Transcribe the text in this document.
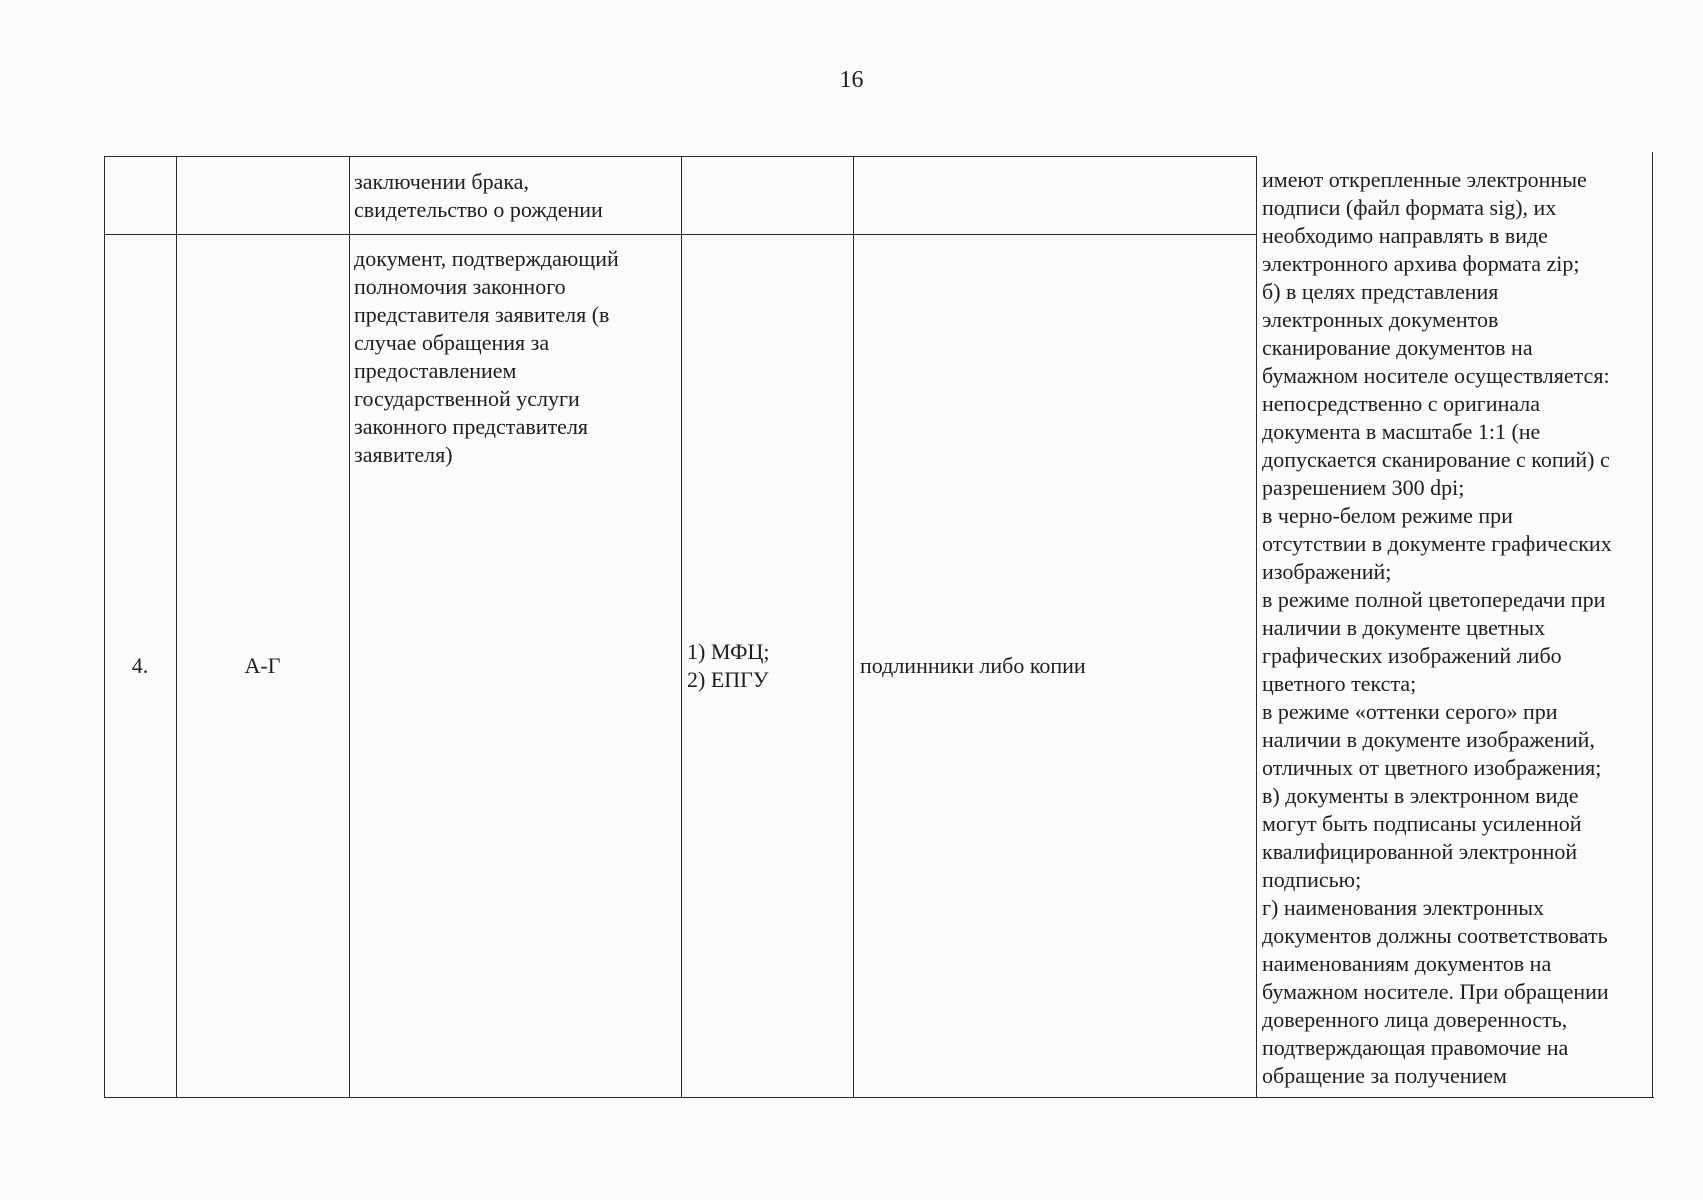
16
заключении брака,
свидетельство о рождении
4.	А-Г
документ, подтверждающий
полномочия законного
представителя заявителя (в
случае обращения за
предоставлением
государственной услуги
законного представителя
заявителя)
1) МФЦ;
2) ЕПГУ
подлинники либо копии
имеют открепленные электронные
подписи (файл формата sig), их
необходимо направлять в виде
электронного архива формата zip;
б) в целях представления
электронных документов
сканирование документов на
бумажном носителе осуществляется:
непосредственно с оригинала
документа в масштабе 1:1 (не
допускается сканирование с копий) с
разрешением 300 dpi;
в черно-белом режиме при
отсутствии в документе графических
изображений;
в режиме полной цветопередачи при
наличии в документе цветных
графических изображений либо
цветного текста;
в режиме «оттенки серого» при
наличии в документе изображений,
отличных от цветного изображения;
в) документы в электронном виде
могут быть подписаны усиленной
квалифицированной электронной
подписью;
г) наименования электронных
документов должны соответствовать
наименованиям документов на
бумажном носителе. При обращении
доверенного лица доверенность,
подтверждающая правомочие на
обращение за получением
